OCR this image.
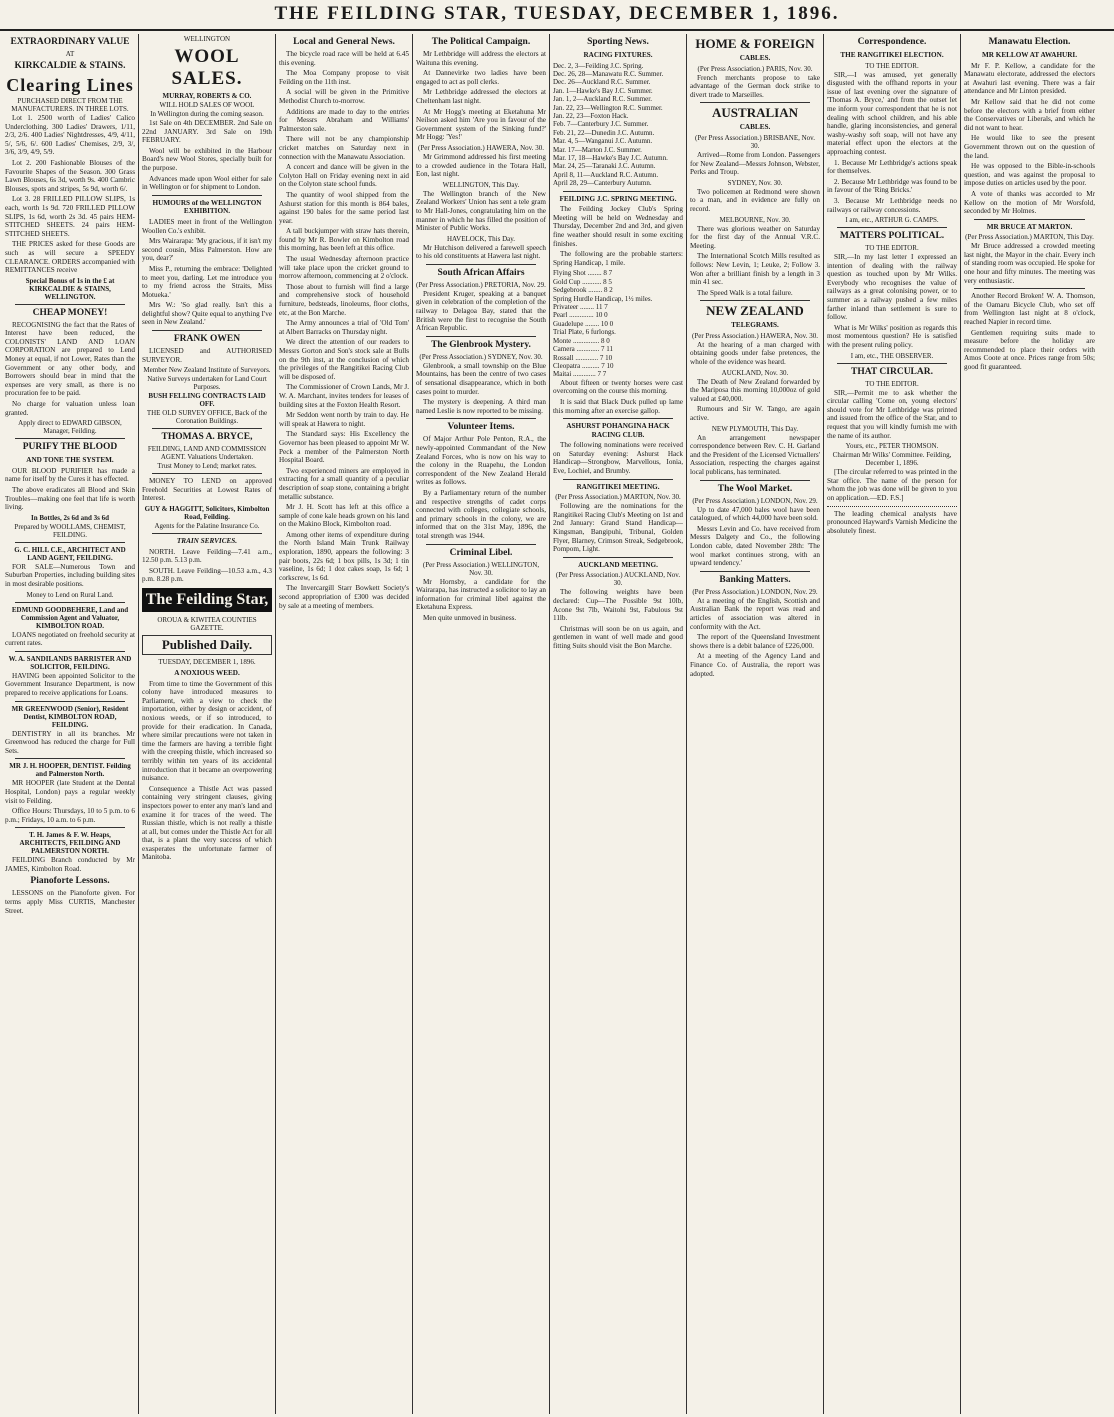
THE FEILDING STAR, TUESDAY, DECEMBER 1, 1896.
EXTRAORDINARY VALUE
AT
KIRKCALDIE & STAINS.
Clearing Lines
PURCHASED DIRECT FROM THE MANUFACTURERS. IN THREE LOTS.
Lot 1. 2500 worth of Ladies' Calico Underclothing. 300 Ladies' Drawers, 1/11, 2/3, 2/6. 400 Ladies' Nightdresses, 4/9, 4/11, 5/, 5/6, 6/. 600 Ladies' Chemises, 2/9, 3/, 3/6, 3/9, 4/9, 5/9.
Lot 2. 200 Fashionable Blouses of the Favourite Shapes of the Season. 300 Grass Lawn Blouses, 6s 3d, worth 9s. 400 Cambric Blouses, spots and stripes, 5s 9d, worth 6/.
Lot 3. 28 FRILLED PILLOW SLIPS, 1s each, worth 1s 9d. 720 FRILLED PILLOW SLIPS, 1s 6d, worth 2s 3d. 45 pairs HEM-STITCHED SHEETS. 24 pairs HEM-STITCHED SHEETS.
THE PRICES asked for these Goods are such as will secure a SPEEDY CLEARANCE. ORDERS accompanied with REMITTANCES receive
Special Bonus of 1s in the £ at KIRKCALDIE & STAINS, WELLINGTON.
CHEAP MONEY!
RECOGNISING the fact that the Rates of Interest have been reduced, the COLONISTS' LAND AND LOAN CORPORATION are prepared to Lend Money at equal, if not Lower, Rates than the Government or any other body, and Borrowers should bear in mind that the expenses are very small, as there is no procuration fee to be paid.
No charge for valuation unless loan granted.
Apply direct to EDWARD GIBSON, Manager, Feilding.
PURIFY THE BLOOD
AND TONE THE SYSTEM.
OUR BLOOD PURIFIER has made a name for itself by the Cures it has effected.
The above eradicates all Blood and Skin Troubles—making one feel that life is worth living.
In Bottles, 2s 6d and 3s 6d
Prepared by WOOLLAMS, CHEMIST, FEILDING.
G. C. HILL C.E., ARCHITECT AND LAND AGENT, FEILDING.
FOR SALE—Numerous Town and Suburban Properties, including building sites in most desirable positions.
Money to Lend on Rural Land.
EDMUND GOODBEHERE, Land and Commission Agent and Valuator, KIMBOLTON ROAD.
LOANS negotiated on freehold security at current rates.
W. A. SANDILANDS BARRISTER AND SOLICITOR, FEILDING.
HAVING been appointed Solicitor to the Government Insurance Department, is now prepared to receive applications for Loans.
MR GREENWOOD (Senior), Resident Dentist, KIMBOLTON ROAD, FEILDING.
DENTISTRY in all its branches. Mr Greenwood has reduced the charge for Full Sets.
MR J. H. HOOPER, DENTIST. Feilding and Palmerston North.
MR HOOPER (late Student at the Dental Hospital, London) pays a regular weekly visit to Feilding.
Office Hours: Thursdays, 10 to 5 p.m. to 6 p.m.; Fridays, 10 a.m. to 6 p.m.
T. H. James & F. W. Heaps, ARCHITECTS, FEILDING AND PALMERSTON NORTH.
FEILDING Branch conducted by Mr JAMES, Kimbolton Road.
Pianoforte Lessons.
LESSONS on the Pianoforte given. For terms apply Miss CURTIS, Manchester Street.
WELLINGTON
WOOL SALES.
MURRAY, ROBERTS & CO.
WILL HOLD SALES OF WOOL
In Wellington during the coming season.
1st Sale on 4th DECEMBER. 2nd Sale on 22nd JANUARY. 3rd Sale on 19th FEBRUARY.
Wool will be exhibited in the Harbour Board's new Wool Stores, specially built for the purpose.
Advances made upon Wool either for sale in Wellington or for shipment to London.
HUMOURS of the WELLINGTON EXHIBITION.
LADIES meet in front of the Wellington Woollen Co.'s exhibit.
Mrs Wairarapa: 'My gracious, if it isn't my second cousin, Miss Palmerston. How are you, dear?'
Miss P., returning the embrace: 'Delighted to meet you, darling. Let me introduce you to my friend across the Straits, Miss Motueka.'
Mrs W.: 'So glad really. Isn't this a delightful show? Quite equal to anything I've seen in New Zealand.'
FRANK OWEN
LICENSED and AUTHORISED SURVEYOR.
Member New Zealand Institute of Surveyors.
Native Surveys undertaken for Land Court Purposes.
BUSH FELLING CONTRACTS LAID OFF.
THE OLD SURVEY OFFICE, Back of the Coronation Buildings.
THOMAS A. BRYCE,
FEILDING, LAND AND COMMISSION AGENT. Valuations Undertaken.
Trust Money to Lend; market rates.
MONEY TO LEND on approved Freehold Securities at Lowest Rates of Interest.
GUY & HAGGITT, Solicitors, Kimbolton Road, Feilding.
Agents for the Palatine Insurance Co.
TRAIN SERVICES.
NORTH. Leave Feilding—7.41 a.m., 12.50 p.m. 5.13 p.m.
SOUTH. Leave Feilding—10.53 a.m., 4.3 p.m. 8.28 p.m.
The Feilding Star,
OROUA & KIWITEA COUNTIES GAZETTE.
Published Daily.
TUESDAY, DECEMBER 1, 1896.
A NOXIOUS WEED.
From time to time the Government of this colony have introduced measures to Parliament, with a view to check the importation, either by design or accident, of noxious weeds, or if so introduced, to provide for their eradication. In Canada, where similar precautions were not taken in time the farmers are having a terrible fight with the creeping thistle, which increased so terribly within ten years of its accidental introduction that it became an overpowering nuisance.
Consequence a Thistle Act was passed containing very stringent clauses, giving inspectors power to enter any man's land and examine it for traces of the weed. The Russian thistle, which is not really a thistle at all, but comes under the Thistle Act for all that, is a plant the very success of which exasperates the unfortunate farmer of Manitoba.
Local and General News.
The bicycle road race will be held at 6.45 this evening.
The Moa Company propose to visit Feilding on the 11th inst.
A social will be given in the Primitive Methodist Church to-morrow.
Additions are made to day to the entries for Messrs Abraham and Williams' Palmerston sale.
There will not be any championship cricket matches on Saturday next in connection with the Manawatu Association.
A concert and dance will be given in the Colyton Hall on Friday evening next in aid on the Colyton state school funds.
The quantity of wool shipped from the Ashurst station for this month is 864 bales, against 190 bales for the same period last year.
A tall buckjumper with straw hats therein, found by Mr R. Bowler on Kimbolton road this morning, has been left at this office.
The usual Wednesday afternoon practice will take place upon the cricket ground to morrow afternoon, commencing at 2 o'clock.
Those about to furnish will find a large and comprehensive stock of household furniture, bedsteads, linoleums, floor cloths, etc, at the Bon Marche.
The Army announces a trial of 'Old Tom' at Albert Barracks on Thursday night.
We direct the attention of our readers to Messrs Gorton and Son's stock sale at Bulls on the 9th inst, at the conclusion of which the privileges of the Rangitikei Racing Club will be disposed of.
The Commissioner of Crown Lands, Mr J. W. A. Marchant, invites tenders for leases of building sites at the Foxton Health Resort.
Mr Seddon went north by train to day. He will speak at Hawera to night.
The Standard says: His Excellency the Governor has been pleased to appoint Mr W. Peck a member of the Palmerston North Hospital Board.
Two experienced miners are employed in extracting for a small quantity of a peculiar description of soap stone, containing a bright metallic substance.
Mr J. H. Scott has left at this office a sample of cone kale heads grown on his land on the Makino Block, Kimbolton road.
Among other items of expenditure during the North Island Main Trunk Railway exploration, 1890, appears the following: 3 pair boots, 22s 6d; 1 box pills, 1s 3d; 1 tin vaseline, 1s 6d; 1 doz cakes soap, 1s 6d; 1 corkscrew, 1s 6d.
The Invercargill Starr Bowkett Society's second appropriation of £300 was decided by sale at a meeting of members.
The Political Campaign.
Mr Lethbridge will address the electors at Waituna this evening.
At Dannevirke two ladies have been engaged to act as poll clerks.
Mr Lethbridge addressed the electors at Cheltenham last night.
At Mr Hogg's meeting at Eketahuna Mr Neilson asked him 'Are you in favour of the Government system of the Sinking fund?' Mr Hogg: 'Yes!'
(Per Press Association.) HAWERA, Nov. 30.
Mr Grimmond addressed his first meeting to a crowded audience in the Totara Hall, Eon, last night.
WELLINGTON, This Day.
The Wellington branch of the New Zealand Workers' Union has sent a tele gram to Mr Hall-Jones, congratulating him on the manner in which he has filled the position of Minister of Public Works.
HAVELOCK, This Day.
Mr Hutchison delivered a farewell speech to his old constituents at Hawera last night.
South African Affairs
(Per Press Association.) PRETORIA, Nov. 29.
President Kruger, speaking at a banquet given in celebration of the completion of the railway to Delagoa Bay, stated that the British were the first to recognise the South African Republic.
The Glenbrook Mystery.
(Per Press Association.) SYDNEY, Nov. 30.
Glenbrook, a small township on the Blue Mountains, has been the centre of two cases of sensational disappearance, which in both cases point to murder.
The mystery is deepening. A third man named Leslie is now reported to be missing.
Volunteer Items.
Of Major Arthur Pole Penton, R.A., the newly-appointed Commandant of the New Zealand Forces, who is now on his way to the colony in the Ruapehu, the London correspondent of the New Zealand Herald writes as follows.
By a Parliamentary return of the number and respective strengths of cadet corps connected with colleges, collegiate schools, and primary schools in the colony, we are informed that on the 31st May, 1896, the total strength was 1944.
Criminal Libel.
(Per Press Association.) WELLINGTON, Nov. 30.
Mr Hornsby, a candidate for the Wairarapa, has instructed a solicitor to lay an information for criminal libel against the Eketahuna Express.
Men quite unmoved in business.
Sporting News.
RACING FIXTURES.
Dec. 2, 3—Feilding J.C. Spring.
Dec. 26, 28—Manawatu R.C. Summer.
Dec. 26—Auckland R.C. Summer.
Jan. 1—Hawke's Bay J.C. Summer.
Jan. 1, 2—Auckland R.C. Summer.
Jan. 22, 23—Wellington R.C. Summer.
Jan. 22, 23—Foxton Hack.
Feb. 7—Canterbury J.C. Summer.
Feb. 21, 22—Dunedin J.C. Autumn.
Mar. 4, 5—Wanganui J.C. Autumn.
Mar. 17—Marton J.C. Summer.
Mar. 17, 18—Hawke's Bay J.C. Autumn.
Mar. 24, 25—Taranaki J.C. Autumn.
April 8, 11—Auckland R.C. Autumn.
April 28, 29—Canterbury Autumn.
FEILDING J.C. SPRING MEETING.
The Feilding Jockey Club's Spring Meeting will be held on Wednesday and Thursday, December 2nd and 3rd, and given fine weather should result in some exciting finishes.
The following are the probable starters: Spring Handicap, 1 mile.
Flying Shot ........ 8 7
Gold Cup ........... 8 5
Sedgebrook ........ 8 2
Spring Hurdle Handicap, 1½ miles.
Privateer ........ 11 7
Pearl .............. 10 0
Guadelupe ........ 10 0
Trial Plate, 6 furlongs.
Monte ............... 8 0
Camera ............. 7 11
Rossall ............. 7 10
Cleopatra .......... 7 10
Maitai ............. 7 7
About fifteen or twenty horses were cast overcoming on the course this morning.
It is said that Black Duck pulled up lame this morning after an exercise gallop.
ASHURST POHANGINA HACK RACING CLUB.
The following nominations were received on Saturday evening: Ashurst Hack Handicap—Strongbow, Marvellous, Ionia, Eve, Lochiel, and Brumby.
RANGITIKEI MEETING.
(Per Press Association.) MARTON, Nov. 30.
Following are the nominations for the Rangitikei Racing Club's Meeting on 1st and 2nd January: Grand Stand Handicap—Kingsman, Bangipuhi, Tribunal, Golden Flyer, Blarney, Crimson Streak, Sedgebrook, Pompom, Light.
AUCKLAND MEETING.
(Per Press Association.) AUCKLAND, Nov. 30.
The following weights have been declared: Cup—The Possible 9st 10lb, Acone 9st 7lb, Waitohi 9st, Fabulous 9st 11lb.
Christmas will soon be on us again, and gentlemen in want of well made and good fitting Suits should visit the Bon Marche.
HOME & FOREIGN
CABLES.
(Per Press Association.) PARIS, Nov. 30.
French merchants propose to take advantage of the German dock strike to divert trade to Marseilles.
AUSTRALIAN
CABLES.
(Per Press Association.) BRISBANE, Nov. 30.
Arrived—Rome from London. Passengers for New Zealand—Messrs Johnson, Webster, Perks and Troup.
SYDNEY, Nov. 30.
Two policemen at Redmond were shown to a man, and in evidence are fully on record.
MELBOURNE, Nov. 30.
There was glorious weather on Saturday for the first day of the Annual V.R.C. Meeting.
The International Scotch Mills resulted as follows: New Levin, 1; Leuke, 2; Follow 3. Won after a brilliant finish by a length in 3 min 41 sec.
The Speed Walk is a total failure.
NEW ZEALAND
TELEGRAMS.
(Per Press Association.) HAWERA, Nov. 30.
At the hearing of a man charged with obtaining goods under false pretences, the whole of the evidence was heard.
AUCKLAND, Nov. 30.
The Death of New Zealand forwarded by the Mariposa this morning 10,000oz of gold valued at £40,000.
Rumours and Sir W. Tango, are again active.
NEW PLYMOUTH, This Day.
An arrangement newspaper correspondence between Rev. C. H. Garland and the President of the Licensed Victuallers' Association, respecting the charges against local publicans, has terminated.
The Wool Market.
(Per Press Association.) LONDON, Nov. 29.
Up to date 47,000 bales wool have been catalogued, of which 44,000 have been sold.
Messrs Levin and Co. have received from Messrs Dalgety and Co., the following London cable, dated November 28th: 'The wool market continues strong, with an upward tendency.'
Banking Matters.
(Per Press Association.) LONDON, Nov. 29.
At a meeting of the English, Scottish and Australian Bank the report was read and articles of association was altered in conformity with the Act.
The report of the Queensland Investment shows there is a debit balance of £226,000.
At a meeting of the Agency Land and Finance Co. of Australia, the report was adopted.
Correspondence.
THE RANGITIKEI ELECTION.
TO THE EDITOR.
SIR,—I was amused, yet generally disgusted with the offhand reports in your issue of last evening over the signature of 'Thomas A. Bryce,' and from the outset let me inform your correspondent that he is not dealing with school children, and his able handle, glaring inconsistencies, and general washy-washy soft soap, will not have any material effect upon the electors at the approaching contest.
1. Because Mr Lethbridge's actions speak for themselves.
2. Because Mr Lethbridge was found to be in favour of the 'Ring Bricks.'
3. Because Mr Lethbridge needs no railways or railway concessions.
I am, etc., ARTHUR G. CAMPS.
MATTERS POLITICAL.
TO THE EDITOR.
SIR,—In my last letter I expressed an intention of dealing with the railway question as touched upon by Mr Wilks. Everybody who recognises the value of railways as a great colonising power, or to summer as a railway pushed a few miles farther inland than settlement is sure to follow.
What is Mr Wilks' position as regards this most momentous question? He is satisfied with the present ruling policy.
I am, etc., THE OBSERVER.
THAT CIRCULAR.
TO THE EDITOR.
SIR,—Permit me to ask whether the circular calling 'Come on, young electors' should vote for Mr Lethbridge was printed and issued from the office of the Star, and to request that you will kindly furnish me with the name of its author.
Yours, etc., PETER THOMSON.
Chairman Mr Wilks' Committee. Feilding, December 1, 1896.
[The circular referred to was printed in the Star office. The name of the person for whom the job was done will be given to you on application.—ED. F.S.]
The leading chemical analysts have pronounced Hayward's Varnish Medicine the absolutely finest.
Manawatu Election.
MR KELLOW AT AWAHURI.
Mr F. P. Kellow, a candidate for the Manawatu electorate, addressed the electors at Awahuri last evening. There was a fair attendance and Mr Linton presided.
Mr Kellow said that he did not come before the electors with a brief from either the Conservatives or Liberals, and which he did not want to hear.
He would like to see the present Government thrown out on the question of the land.
He was opposed to the Bible-in-schools question, and was against the proposal to impose duties on articles used by the poor.
A vote of thanks was accorded to Mr Kellow on the motion of Mr Worsfold, seconded by Mr Holmes.
MR BRUCE AT MARTON.
(Per Press Association.) MARTON, This Day.
Mr Bruce addressed a crowded meeting last night, the Mayor in the chair. Every inch of standing room was occupied. He spoke for one hour and fifty minutes. The meeting was very enthusiastic.
Another Record Broken! W. A. Thomson, of the Oamaru Bicycle Club, who set off from Wellington last night at 8 o'clock, reached Napier in record time.
Gentlemen requiring suits made to measure before the holiday are recommended to place their orders with Amos Coote at once. Prices range from 50s; good fit guaranteed.
